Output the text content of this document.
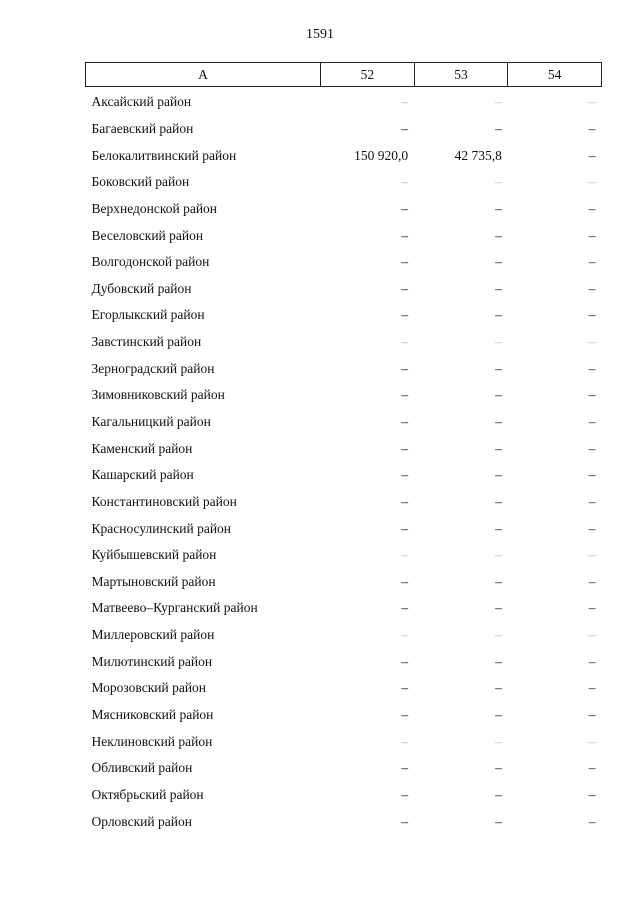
1591
А	52	53	54
Аксайский район	–	–	–
Багаевский район	–	–	–
Белокалитвинский район	150 920,0	42 735,8	–
Боковский район	–	–	–
Верхнедонской район	–	–	–
Веселовский район	–	–	–
Волгодонской район	–	–	–
Дубовский район	–	–	–
Егорлыкский район	–	–	–
Завстинский район	–	–	–
Зерноградский район	–	–	–
Зимовниковский район	–	–	–
Кагальницкий район	–	–	–
Каменский район	–	–	–
Кашарский район	–	–	–
Константиновский район	–	–	–
Красносулинский район	–	–	–
Куйбышевский район	–	–	–
Мартыновский район	–	–	–
Матвеево–Курганский район	–	–	–
Миллеровский район	–	–	–
Милютинский район	–	–	–
Морозовский район	–	–	–
Мясниковский район	–	–	–
Неклиновский район	–	–	–
Обливский район	–	–	–
Октябрьский район	–	–	–
Орловский район	–	–	–
